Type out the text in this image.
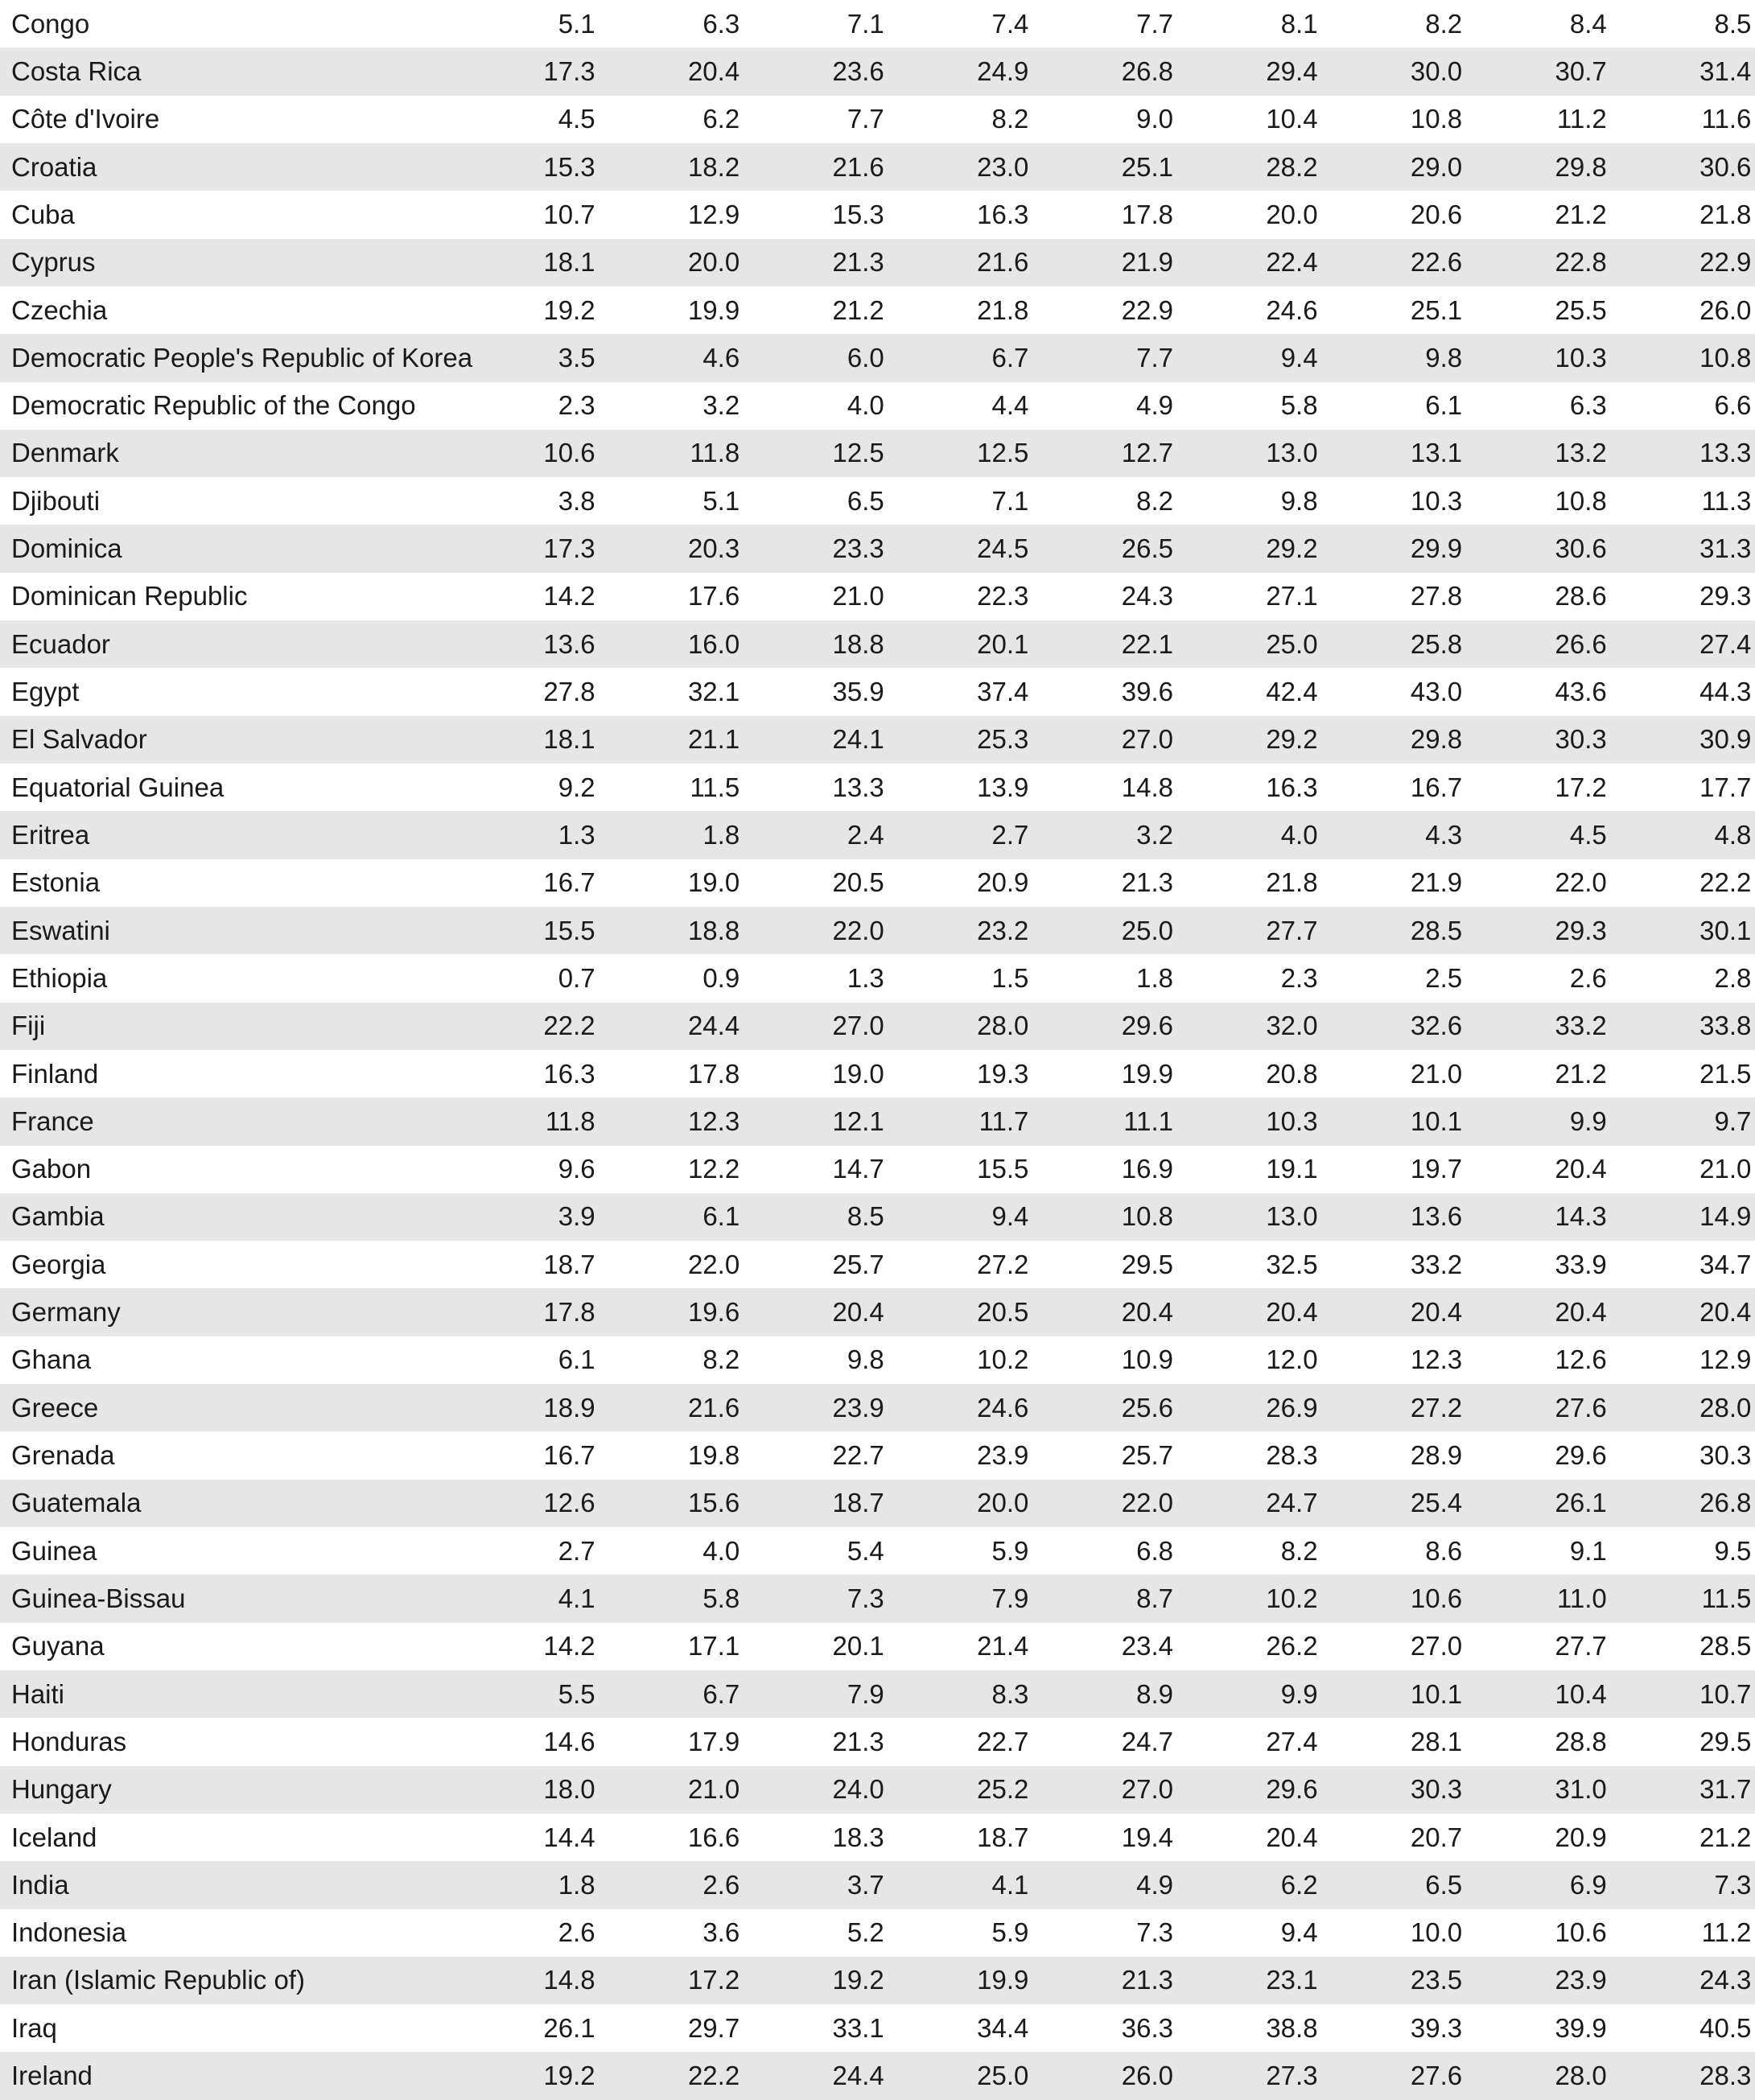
Congo	5.1	6.3	7.1	7.4	7.7	8.1	8.2	8.4	8.5
Costa Rica	17.3	20.4	23.6	24.9	26.8	29.4	30.0	30.7	31.4
Côte d'Ivoire	4.5	6.2	7.7	8.2	9.0	10.4	10.8	11.2	11.6
Croatia	15.3	18.2	21.6	23.0	25.1	28.2	29.0	29.8	30.6
Cuba	10.7	12.9	15.3	16.3	17.8	20.0	20.6	21.2	21.8
Cyprus	18.1	20.0	21.3	21.6	21.9	22.4	22.6	22.8	22.9
Czechia	19.2	19.9	21.2	21.8	22.9	24.6	25.1	25.5	26.0
Democratic People's Republic of Korea	3.5	4.6	6.0	6.7	7.7	9.4	9.8	10.3	10.8
Democratic Republic of the Congo	2.3	3.2	4.0	4.4	4.9	5.8	6.1	6.3	6.6
Denmark	10.6	11.8	12.5	12.5	12.7	13.0	13.1	13.2	13.3
Djibouti	3.8	5.1	6.5	7.1	8.2	9.8	10.3	10.8	11.3
Dominica	17.3	20.3	23.3	24.5	26.5	29.2	29.9	30.6	31.3
Dominican Republic	14.2	17.6	21.0	22.3	24.3	27.1	27.8	28.6	29.3
Ecuador	13.6	16.0	18.8	20.1	22.1	25.0	25.8	26.6	27.4
Egypt	27.8	32.1	35.9	37.4	39.6	42.4	43.0	43.6	44.3
El Salvador	18.1	21.1	24.1	25.3	27.0	29.2	29.8	30.3	30.9
Equatorial Guinea	9.2	11.5	13.3	13.9	14.8	16.3	16.7	17.2	17.7
Eritrea	1.3	1.8	2.4	2.7	3.2	4.0	4.3	4.5	4.8
Estonia	16.7	19.0	20.5	20.9	21.3	21.8	21.9	22.0	22.2
Eswatini	15.5	18.8	22.0	23.2	25.0	27.7	28.5	29.3	30.1
Ethiopia	0.7	0.9	1.3	1.5	1.8	2.3	2.5	2.6	2.8
Fiji	22.2	24.4	27.0	28.0	29.6	32.0	32.6	33.2	33.8
Finland	16.3	17.8	19.0	19.3	19.9	20.8	21.0	21.2	21.5
France	11.8	12.3	12.1	11.7	11.1	10.3	10.1	9.9	9.7
Gabon	9.6	12.2	14.7	15.5	16.9	19.1	19.7	20.4	21.0
Gambia	3.9	6.1	8.5	9.4	10.8	13.0	13.6	14.3	14.9
Georgia	18.7	22.0	25.7	27.2	29.5	32.5	33.2	33.9	34.7
Germany	17.8	19.6	20.4	20.5	20.4	20.4	20.4	20.4	20.4
Ghana	6.1	8.2	9.8	10.2	10.9	12.0	12.3	12.6	12.9
Greece	18.9	21.6	23.9	24.6	25.6	26.9	27.2	27.6	28.0
Grenada	16.7	19.8	22.7	23.9	25.7	28.3	28.9	29.6	30.3
Guatemala	12.6	15.6	18.7	20.0	22.0	24.7	25.4	26.1	26.8
Guinea	2.7	4.0	5.4	5.9	6.8	8.2	8.6	9.1	9.5
Guinea-Bissau	4.1	5.8	7.3	7.9	8.7	10.2	10.6	11.0	11.5
Guyana	14.2	17.1	20.1	21.4	23.4	26.2	27.0	27.7	28.5
Haiti	5.5	6.7	7.9	8.3	8.9	9.9	10.1	10.4	10.7
Honduras	14.6	17.9	21.3	22.7	24.7	27.4	28.1	28.8	29.5
Hungary	18.0	21.0	24.0	25.2	27.0	29.6	30.3	31.0	31.7
Iceland	14.4	16.6	18.3	18.7	19.4	20.4	20.7	20.9	21.2
India	1.8	2.6	3.7	4.1	4.9	6.2	6.5	6.9	7.3
Indonesia	2.6	3.6	5.2	5.9	7.3	9.4	10.0	10.6	11.2
Iran (Islamic Republic of)	14.8	17.2	19.2	19.9	21.3	23.1	23.5	23.9	24.3
Iraq	26.1	29.7	33.1	34.4	36.3	38.8	39.3	39.9	40.5
Ireland	19.2	22.2	24.4	25.0	26.0	27.3	27.6	28.0	28.3
